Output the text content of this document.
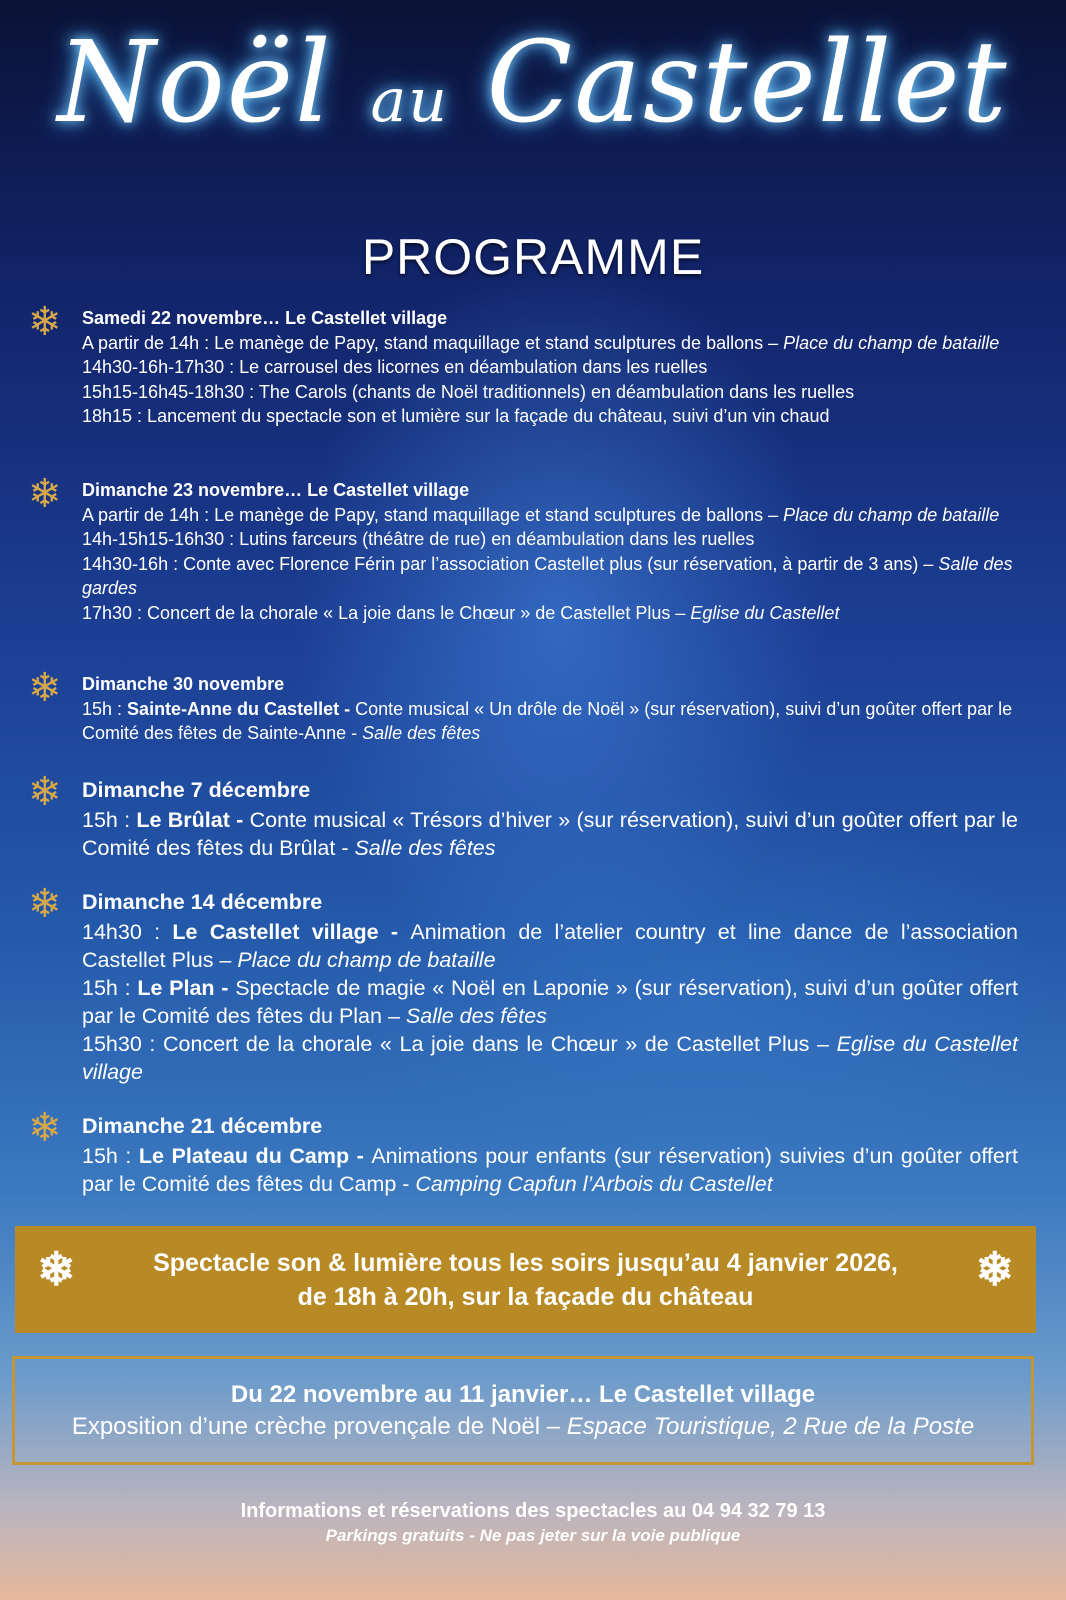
Noël au Castellet
PROGRAMME
❄	Samedi 22 novembre… Le Castellet village
A partir de 14h : Le manège de Papy, stand maquillage et stand sculptures de ballons – Place du champ de bataille
14h30-16h-17h30 : Le carrousel des licornes en déambulation dans les ruelles
15h15-16h45-18h30 : The Carols (chants de Noël traditionnels) en déambulation dans les ruelles
18h15 : Lancement du spectacle son et lumière sur la façade du château, suivi d’un vin chaud
❄	Dimanche 23 novembre… Le Castellet village
A partir de 14h : Le manège de Papy, stand maquillage et stand sculptures de ballons – Place du champ de bataille
14h-15h15-16h30 : Lutins farceurs (théâtre de rue) en déambulation dans les ruelles
14h30-16h : Conte avec Florence Férin par l’association Castellet plus (sur réservation, à partir de 3 ans) – Salle des gardes
17h30 : Concert de la chorale « La joie dans le Chœur » de Castellet Plus – Eglise du Castellet
❄	Dimanche 30 novembre
15h : Sainte-Anne du Castellet - Conte musical « Un drôle de Noël » (sur réservation), suivi d’un goûter offert par le Comité des fêtes de Sainte-Anne - Salle des fêtes
❄ Dimanche 7 décembre
15h : Le Brûlat - Conte musical « Trésors d’hiver » (sur réservation), suivi d’un goûter offert par le Comité des fêtes du Brûlat - Salle des fêtes
❄ Dimanche 14 décembre
14h30 : Le Castellet village - Animation de l’atelier country et line dance de l’association Castellet Plus – Place du champ de bataille
15h : Le Plan - Spectacle de magie « Noël en Laponie » (sur réservation), suivi d’un goûter offert par le Comité des fêtes du Plan – Salle des fêtes
15h30 : Concert de la chorale « La joie dans le Chœur » de Castellet Plus – Eglise du Castellet village
❄ Dimanche 21 décembre
15h : Le Plateau du Camp - Animations pour enfants (sur réservation) suivies d’un goûter offert par le Comité des fêtes du Camp - Camping Capfun l’Arbois du Castellet
❄	Spectacle son & lumière tous les soirs jusqu’au 4 janvier 2026,
de 18h à 20h, sur la façade du château
❄
Du 22 novembre au 11 janvier… Le Castellet village
Exposition d’une crèche provençale de Noël – Espace Touristique, 2 Rue de la Poste
Informations et réservations des spectacles au 04 94 32 79 13
Parkings gratuits - Ne pas jeter sur la voie publique
